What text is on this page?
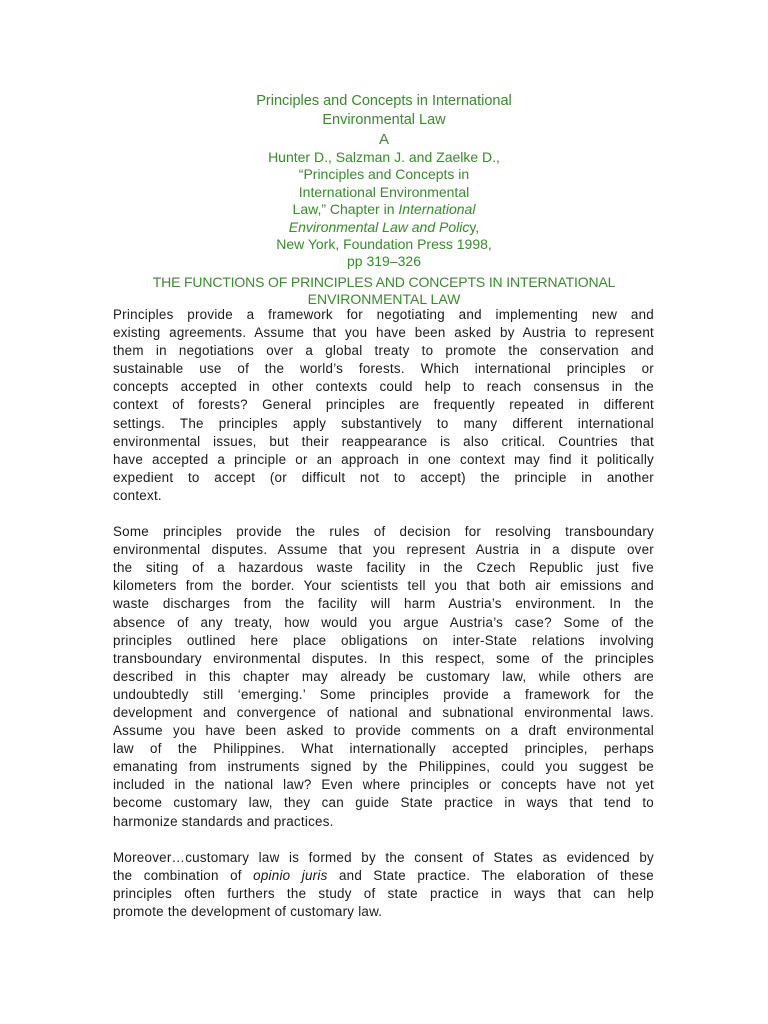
Principles and Concepts in International
Environmental Law
A
Hunter D., Salzman J. and Zaelke D.,
“Principles and Concepts in
International Environmental
Law,” Chapter in International
Environmental Law and Policy,
New York, Foundation Press 1998,
pp 319–326
THE FUNCTIONS OF PRINCIPLES AND CONCEPTS IN INTERNATIONAL
ENVIRONMENTAL LAW
Principles provide a framework for negotiating and implementing new and
existing agreements. Assume that you have been asked by Austria to represent
them in negotiations over a global treaty to promote the conservation and
sustainable use of the world’s forests. Which international principles or
concepts accepted in other contexts could help to reach consensus in the
context of forests? General principles are frequently repeated in different
settings. The principles apply substantively to many different international
environmental issues, but their reappearance is also critical. Countries that
have accepted a principle or an approach in one context may find it politically
expedient to accept (or difficult not to accept) the principle in another
context.
Some principles provide the rules of decision for resolving transboundary
environmental disputes. Assume that you represent Austria in a dispute over
the siting of a hazardous waste facility in the Czech Republic just five
kilometers from the border. Your scientists tell you that both air emissions and
waste discharges from the facility will harm Austria’s environment. In the
absence of any treaty, how would you argue Austria’s case? Some of the
principles outlined here place obligations on inter-State relations involving
transboundary environmental disputes. In this respect, some of the principles
described in this chapter may already be customary law, while others are
undoubtedly still ‘emerging.’ Some principles provide a framework for the
development and convergence of national and subnational environmental laws.
Assume you have been asked to provide comments on a draft environmental
law of the Philippines. What internationally accepted principles, perhaps
emanating from instruments signed by the Philippines, could you suggest be
included in the national law? Even where principles or concepts have not yet
become customary law, they can guide State practice in ways that tend to
harmonize standards and practices.
Moreover…customary law is formed by the consent of States as evidenced by
the combination of opinio juris and State practice. The elaboration of these
principles often furthers the study of state practice in ways that can help
promote the development of customary law.
